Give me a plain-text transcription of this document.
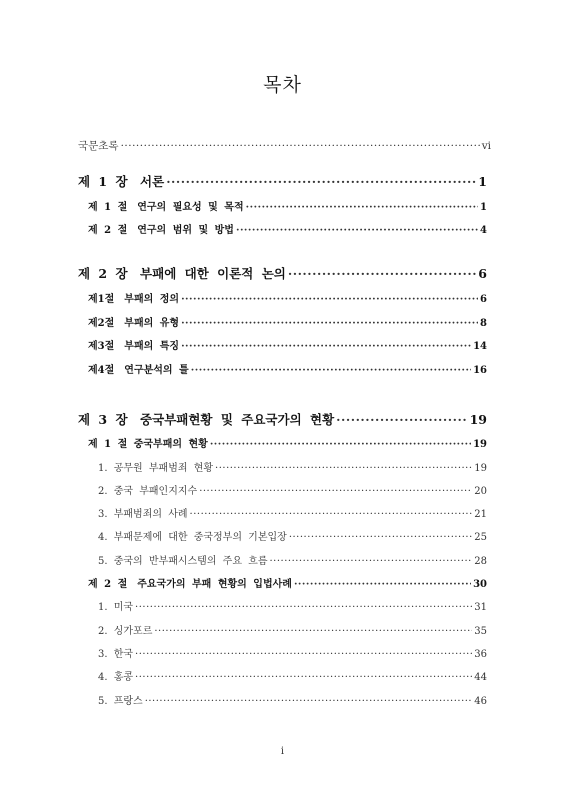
목차
국문초록 ·····	vi
제 1 장　서론 ·····	1
제 1 절　연구의 필요성 및 목적 ·····	1
제 2 절　연구의 범위 및 방법 ·····	4
제 2 장　부패에 대한 이론적 논의 ·····	6
제1절　부패의 정의 ·····	6
제2절　부패의 유형 ·····	8
제3절　부패의 특징 ·····	14
제4절　연구분석의 틀 ·····	16
제 3 장　중국부패현황 및 주요국가의 현황 ·····	19
제 1 절 중국부패의 현황 ·····	19
1. 공무원 부패범죄 현황 ·····	19
2. 중국 부패인지지수 ·····	20
3. 부패범죄의 사례 ·····	21
4. 부패문제에 대한 중국정부의 기본입장 ·····	25
5. 중국의 반부패시스템의 주요 흐름 ·····	28
제 2 절　주요국가의 부패 현황의 입법사례 ·····	30
1. 미국 ·····	31
2. 싱가포르 ·····	35
3. 한국 ·····	36
4. 홍콩 ·····	44
5. 프랑스 ·····	46
i
